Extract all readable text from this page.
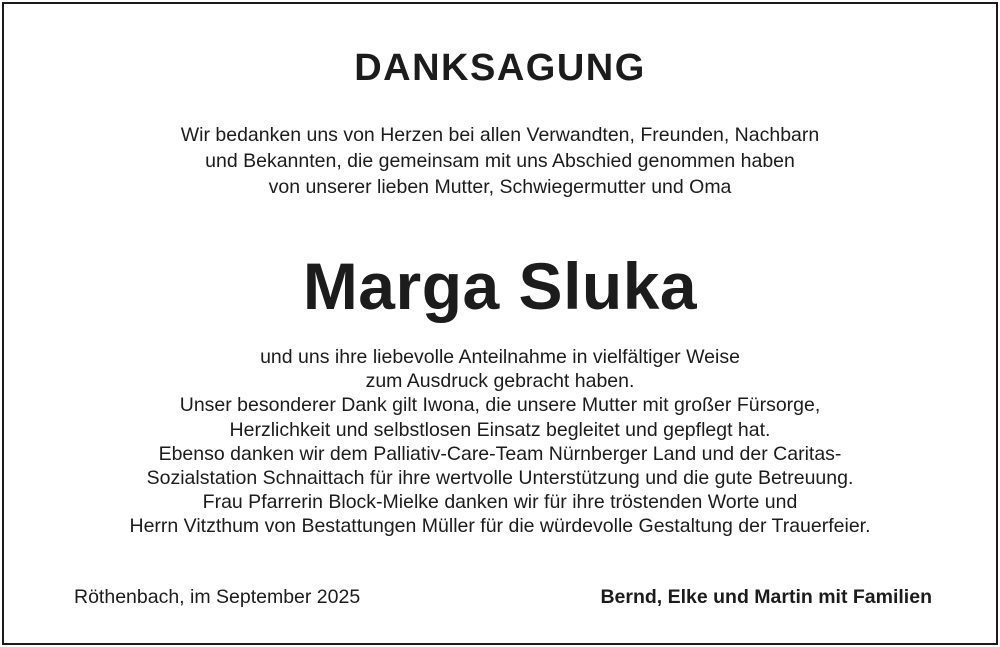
DANKSAGUNG
Wir bedanken uns von Herzen bei allen Verwandten, Freunden, Nachbarn
und Bekannten, die gemeinsam mit uns Abschied genommen haben
von unserer lieben Mutter, Schwiegermutter und Oma
Marga Sluka
und uns ihre liebevolle Anteilnahme in vielfältiger Weise
zum Ausdruck gebracht haben.
Unser besonderer Dank gilt Iwona, die unsere Mutter mit großer Fürsorge,
Herzlichkeit und selbstlosen Einsatz begleitet und gepflegt hat.
Ebenso danken wir dem Palliativ-Care-Team Nürnberger Land und der Caritas-
Sozialstation Schnaittach für ihre wertvolle Unterstützung und die gute Betreuung.
Frau Pfarrerin Block-Mielke danken wir für ihre tröstenden Worte und
Herrn Vitzthum von Bestattungen Müller für die würdevolle Gestaltung der Trauerfeier.
Röthenbach, im September 2025	Bernd, Elke und Martin mit Familien
